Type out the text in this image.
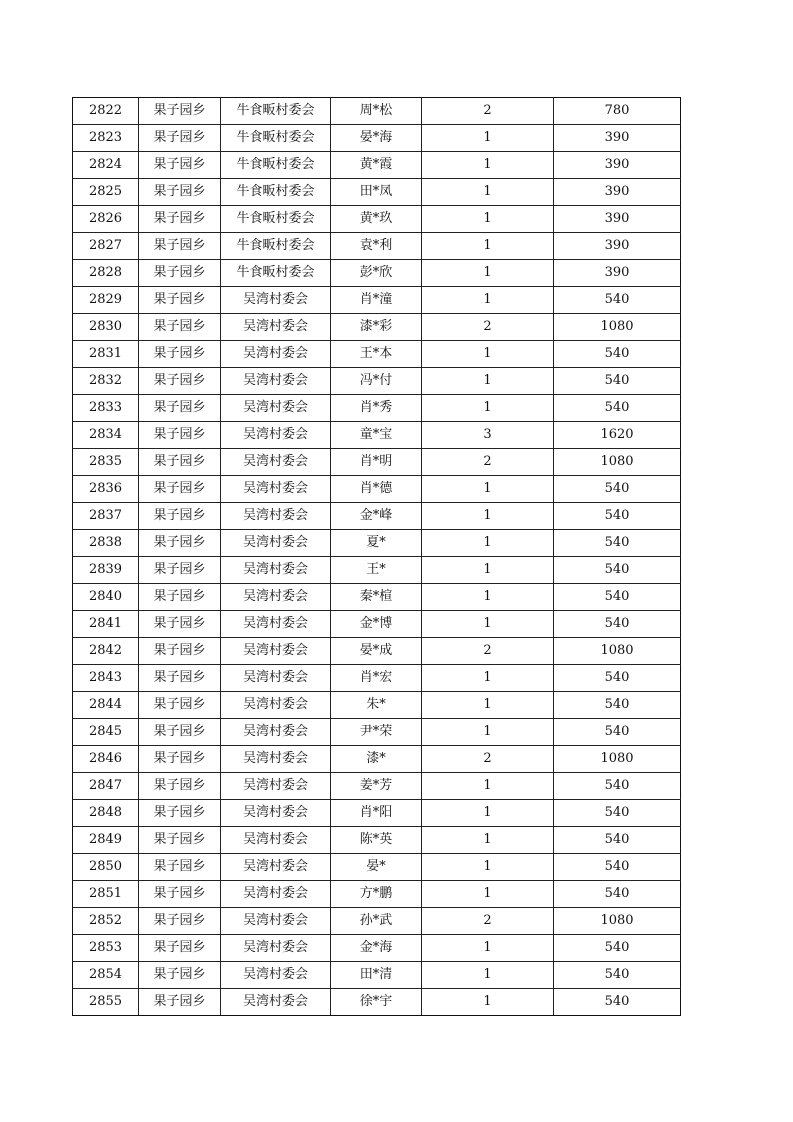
2822	果子园乡	牛食畈村委会	周*松	2	780
2823	果子园乡	牛食畈村委会	晏*海	1	390
2824	果子园乡	牛食畈村委会	黄*霞	1	390
2825	果子园乡	牛食畈村委会	田*凤	1	390
2826	果子园乡	牛食畈村委会	黄*玖	1	390
2827	果子园乡	牛食畈村委会	袁*利	1	390
2828	果子园乡	牛食畈村委会	彭*欣	1	390
2829	果子园乡	吴湾村委会	肖*潼	1	540
2830	果子园乡	吴湾村委会	漆*彩	2	1080
2831	果子园乡	吴湾村委会	王*本	1	540
2832	果子园乡	吴湾村委会	冯*付	1	540
2833	果子园乡	吴湾村委会	肖*秀	1	540
2834	果子园乡	吴湾村委会	童*宝	3	1620
2835	果子园乡	吴湾村委会	肖*明	2	1080
2836	果子园乡	吴湾村委会	肖*德	1	540
2837	果子园乡	吴湾村委会	金*峰	1	540
2838	果子园乡	吴湾村委会	夏*	1	540
2839	果子园乡	吴湾村委会	王*	1	540
2840	果子园乡	吴湾村委会	秦*楦	1	540
2841	果子园乡	吴湾村委会	金*博	1	540
2842	果子园乡	吴湾村委会	晏*成	2	1080
2843	果子园乡	吴湾村委会	肖*宏	1	540
2844	果子园乡	吴湾村委会	朱*	1	540
2845	果子园乡	吴湾村委会	尹*荣	1	540
2846	果子园乡	吴湾村委会	漆*	2	1080
2847	果子园乡	吴湾村委会	姜*芳	1	540
2848	果子园乡	吴湾村委会	肖*阳	1	540
2849	果子园乡	吴湾村委会	陈*英	1	540
2850	果子园乡	吴湾村委会	晏*	1	540
2851	果子园乡	吴湾村委会	方*鹏	1	540
2852	果子园乡	吴湾村委会	孙*武	2	1080
2853	果子园乡	吴湾村委会	金*海	1	540
2854	果子园乡	吴湾村委会	田*清	1	540
2855	果子园乡	吴湾村委会	徐*宇	1	540
